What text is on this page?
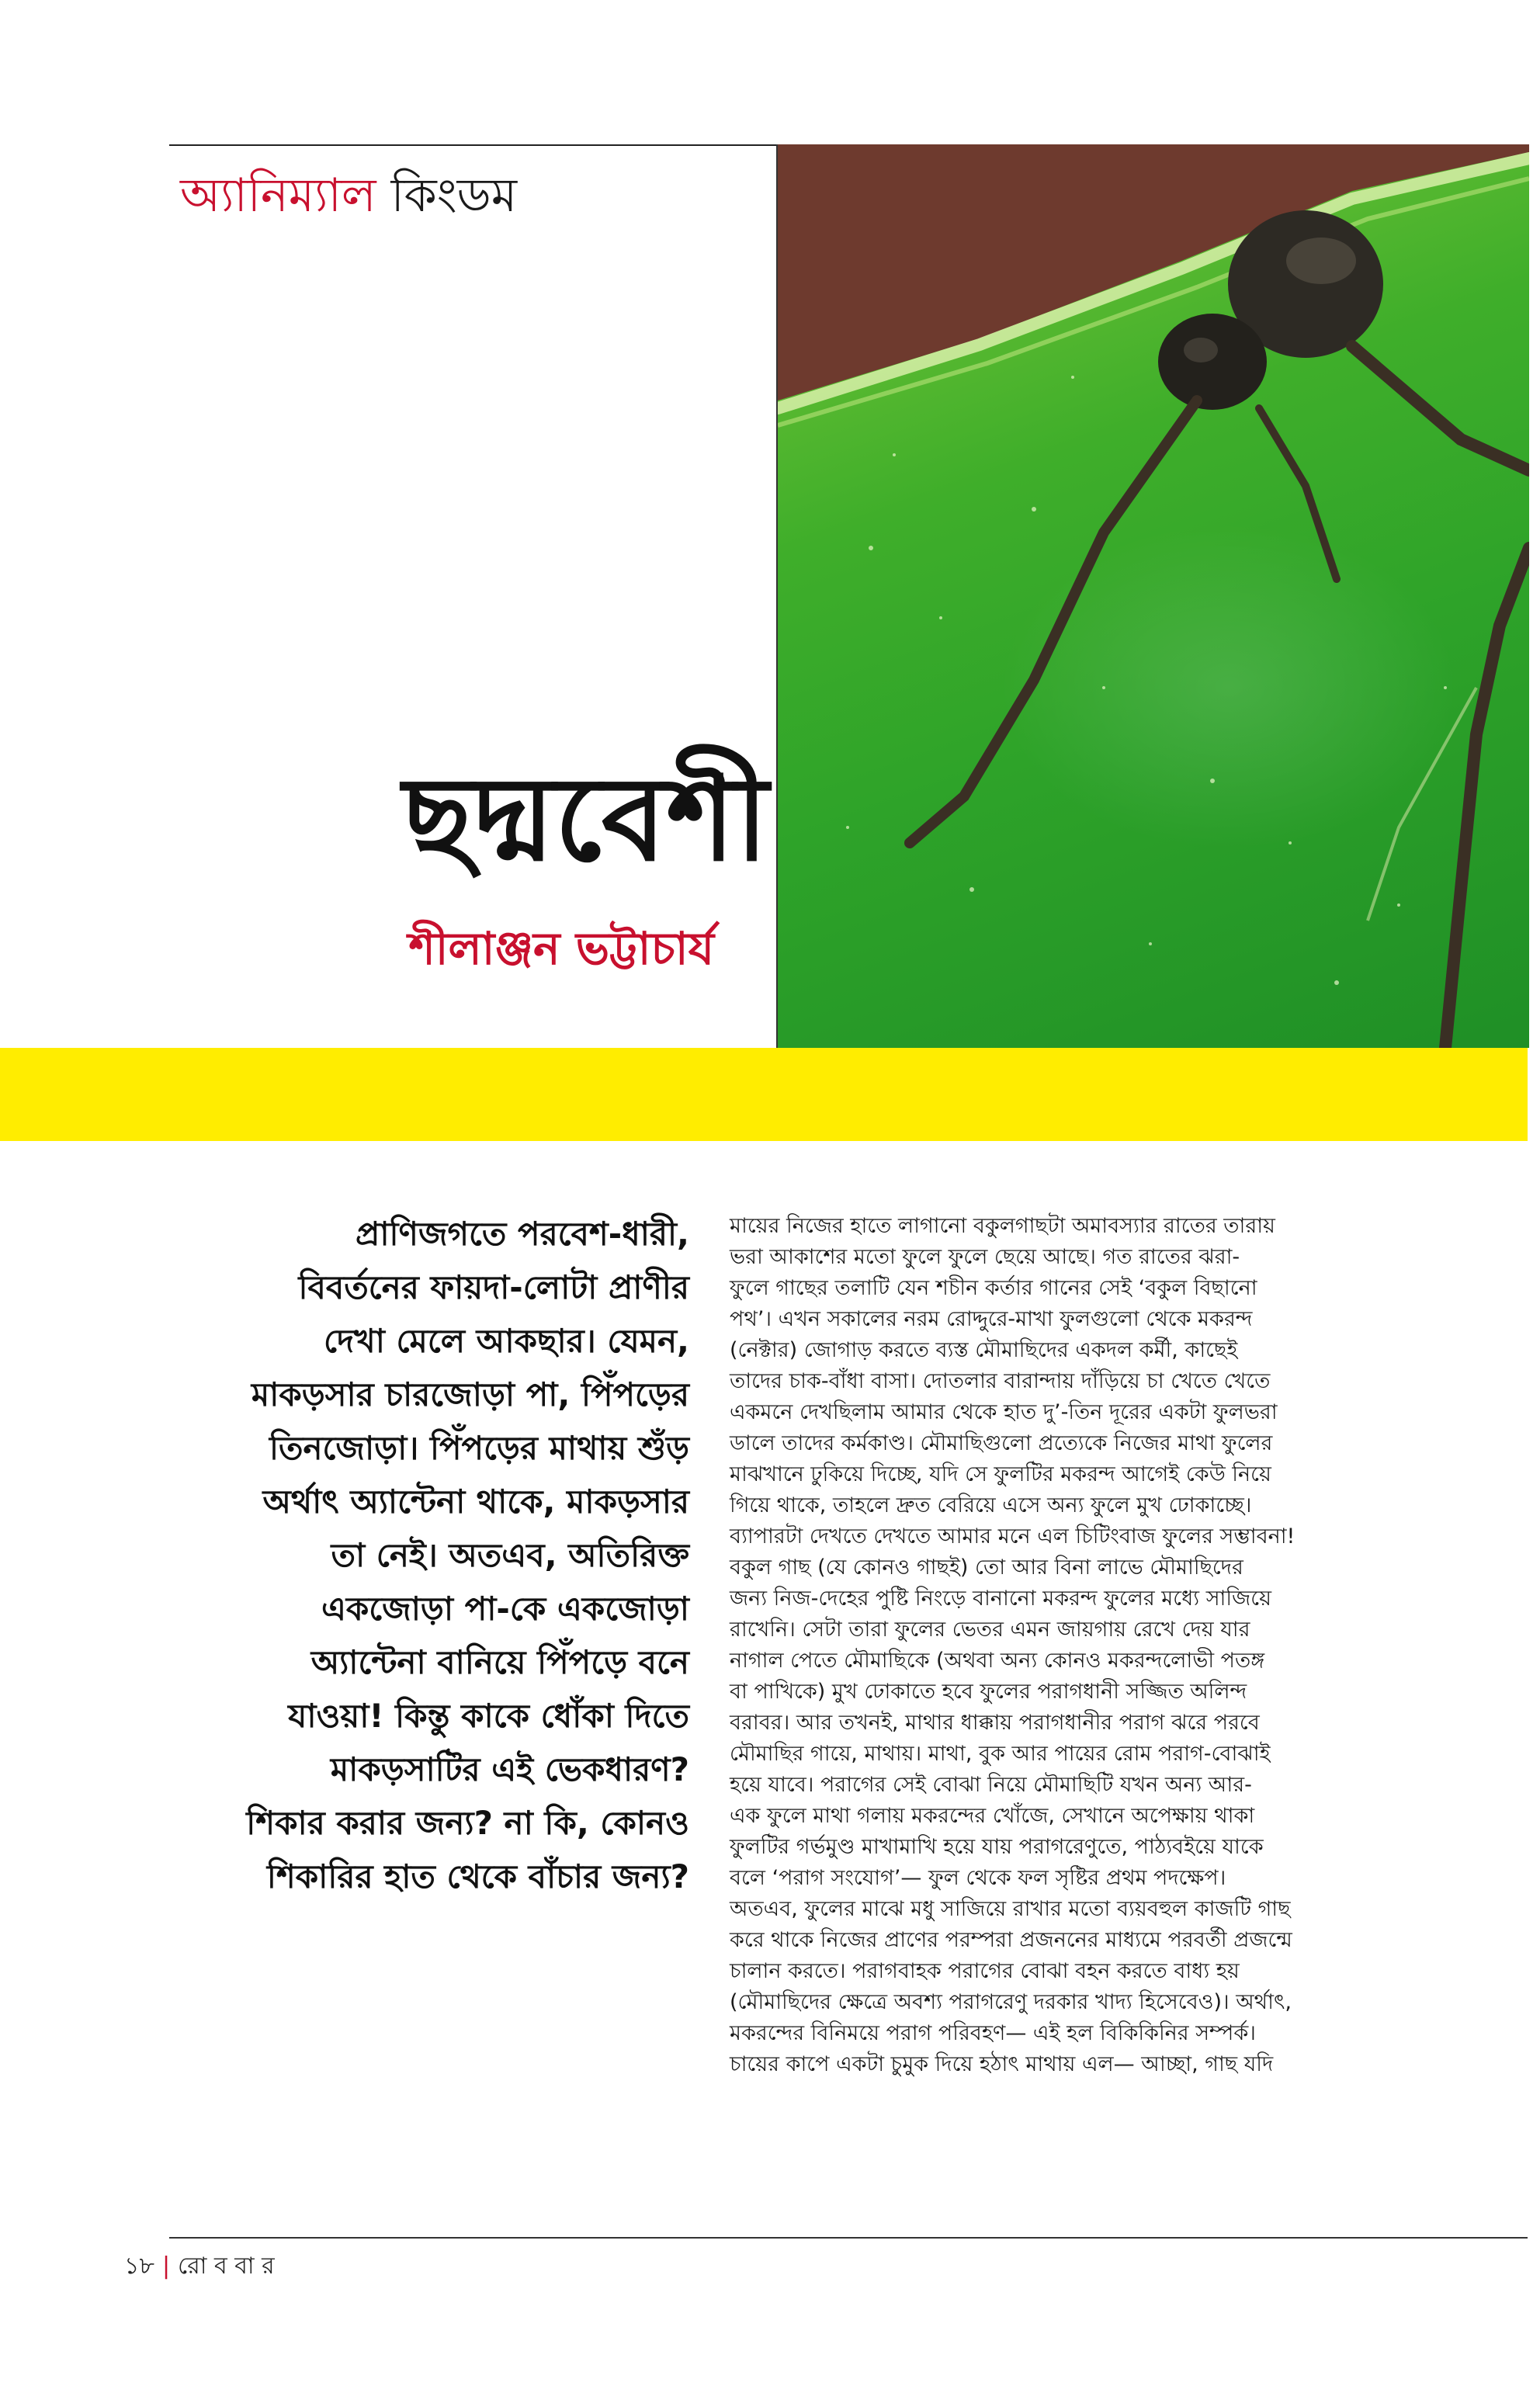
অ্যানিম্যাল কিংডম
ছদ্মবেশী
শীলাঞ্জন ভট্টাচার্য
প্রাণিজগতে পরবেশ-ধারী,
বিবর্তনের ফায়দা-লোটা প্রাণীর
দেখা মেলে আকছার। যেমন,
মাকড়সার চারজোড়া পা, পিঁপড়ের
তিনজোড়া। পিঁপড়ের মাথায় শুঁড়
অর্থাৎ অ্যান্টেনা থাকে, মাকড়সার
তা নেই। অতএব, অতিরিক্ত
একজোড়া পা-কে একজোড়া
অ্যান্টেনা বানিয়ে পিঁপড়ে বনে
যাওয়া! কিন্তু কাকে ধোঁকা দিতে
মাকড়সাটির এই ভেকধারণ?
শিকার করার জন্য? না কি, কোনও
শিকারির হাত থেকে বাঁচার জন্য?
মায়ের নিজের হাতে লাগানো বকুলগাছটা অমাবস্যার রাতের তারায়
ভরা আকাশের মতো ফুলে ফুলে ছেয়ে আছে। গত রাতের ঝরা-
ফুলে গাছের তলাটি যেন শচীন কর্তার গানের সেই ‘বকুল বিছানো
পথ’। এখন সকালের নরম রোদ্দুরে-মাখা ফুলগুলো থেকে মকরন্দ
(নেক্টার) জোগাড় করতে ব্যস্ত মৌমাছিদের একদল কর্মী, কাছেই
তাদের চাক-বাঁধা বাসা। দোতলার বারান্দায় দাঁড়িয়ে চা খেতে খেতে
একমনে দেখছিলাম আমার থেকে হাত দু’-তিন দূরের একটা ফুলভরা
ডালে তাদের কর্মকাণ্ড। মৌমাছিগুলো প্রত্যেকে নিজের মাথা ফুলের
মাঝখানে ঢুকিয়ে দিচ্ছে, যদি সে ফুলটির মকরন্দ আগেই কেউ নিয়ে
গিয়ে থাকে, তাহলে দ্রুত বেরিয়ে এসে অন্য ফুলে মুখ ঢোকাচ্ছে।
ব্যাপারটা দেখতে দেখতে আমার মনে এল চিটিংবাজ ফুলের সম্ভাবনা!
বকুল গাছ (যে কোনও গাছই) তো আর বিনা লাভে মৌমাছিদের
জন্য নিজ-দেহের পুষ্টি নিংড়ে বানানো মকরন্দ ফুলের মধ্যে সাজিয়ে
রাখেনি। সেটা তারা ফুলের ভেতর এমন জায়গায় রেখে দেয় যার
নাগাল পেতে মৌমাছিকে (অথবা অন্য কোনও মকরন্দলোভী পতঙ্গ
বা পাখিকে) মুখ ঢোকাতে হবে ফুলের পরাগধানী সজ্জিত অলিন্দ
বরাবর। আর তখনই, মাথার ধাক্কায় পরাগধানীর পরাগ ঝরে পরবে
মৌমাছির গায়ে, মাথায়। মাথা, বুক আর পায়ের রোম পরাগ-বোঝাই
হয়ে যাবে। পরাগের সেই বোঝা নিয়ে মৌমাছিটি যখন অন্য আর-
এক ফুলে মাথা গলায় মকরন্দের খোঁজে, সেখানে অপেক্ষায় থাকা
ফুলটির গর্ভমুণ্ড মাখামাখি হয়ে যায় পরাগরেণুতে, পাঠ্যবইয়ে যাকে
বলে ‘পরাগ সংযোগ’— ফুল থেকে ফল সৃষ্টির প্রথম পদক্ষেপ।
অতএব, ফুলের মাঝে মধু সাজিয়ে রাখার মতো ব্যয়বহুল কাজটি গাছ
করে থাকে নিজের প্রাণের পরম্পরা প্রজননের মাধ্যমে পরবর্তী প্রজন্মে
চালান করতে। পরাগবাহক পরাগের বোঝা বহন করতে বাধ্য হয়
(মৌমাছিদের ক্ষেত্রে অবশ্য পরাগরেণু দরকার খাদ্য হিসেবেও)। অর্থাৎ,
মকরন্দের বিনিময়ে পরাগ পরিবহণ— এই হল বিকিকিনির সম্পর্ক।
চায়ের কাপে একটা চুমুক দিয়ে হঠাৎ মাথায় এল— আচ্ছা, গাছ যদি
১৮ | রো ব বা র
